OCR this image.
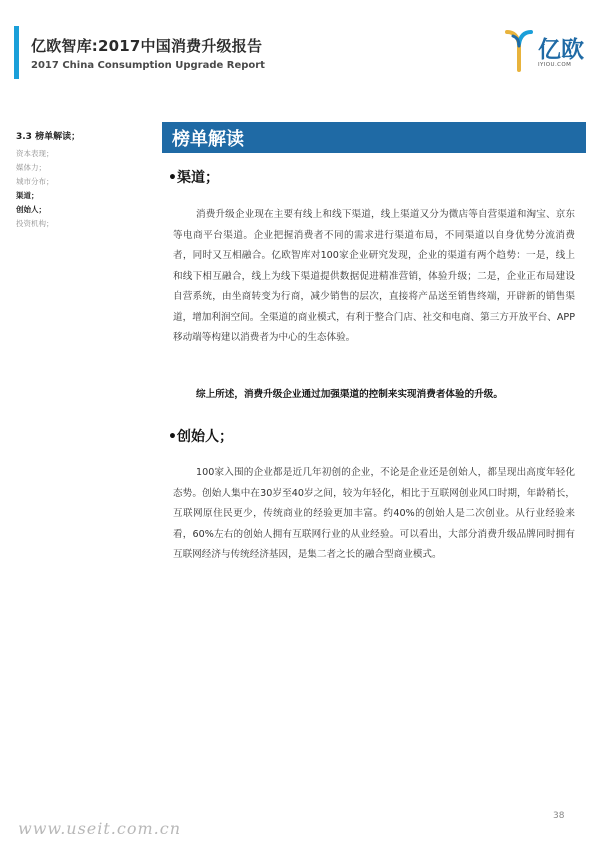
亿欧智库:2017中国消费升级报告
2017 China Consumption Upgrade Report
亿欧
IYIOU.COM
3.3 榜单解读；
资本表现；
媒体力；
城市分布；
渠道；
创始人；
投资机构；
榜单解读
•渠道；
消费升级企业现在主要有线上和线下渠道，线上渠道又分为微店等自营渠道和淘宝、京东等电商平台渠道。企业把握消费者不同的需求进行渠道布局，不同渠道以自身优势分流消费者，同时又互相融合。亿欧智库对100家企业研究发现，企业的渠道有两个趋势：一是，线上和线下相互融合，线上为线下渠道提供数据促进精准营销，体验升级；二是，企业正布局建设自营系统，由坐商转变为行商，减少销售的层次，直接将产品送至销售终端，开辟新的销售渠道，增加利润空间。全渠道的商业模式，有利于整合门店、社交和电商、第三方开放平台、APP移动端等构建以消费者为中心的生态体验。
综上所述，消费升级企业通过加强渠道的控制来实现消费者体验的升级。
•创始人；
100家入围的企业都是近几年初创的企业，不论是企业还是创始人，都呈现出高度年轻化态势。创始人集中在30岁至40岁之间，较为年轻化，相比于互联网创业风口时期，年龄稍长，互联网原住民更少，传统商业的经验更加丰富。约40%的创始人是二次创业。从行业经验来看，60%左右的创始人拥有互联网行业的从业经验。可以看出，大部分消费升级品牌同时拥有互联网经济与传统经济基因，是集二者之长的融合型商业模式。
38
www.useit.com.cn
